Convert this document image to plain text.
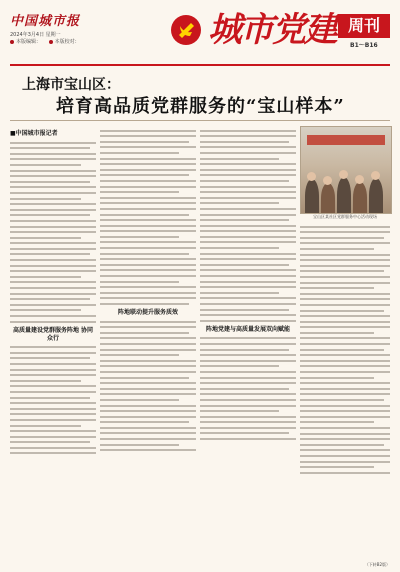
中国城市报
2024年3月4日 星期一
本版编辑：	本版校对：	城市党建 周刊
B1～B16
上海市宝山区：
培育高品质党群服务的“宝山样本”
■中国城市报记者
高质量建设党群服务阵地 协同众行
阵地联动提升服务质效
阵地党建与高质量发展双向赋能
宝山区某社区党群服务中心活动现场
（下转B2版）
